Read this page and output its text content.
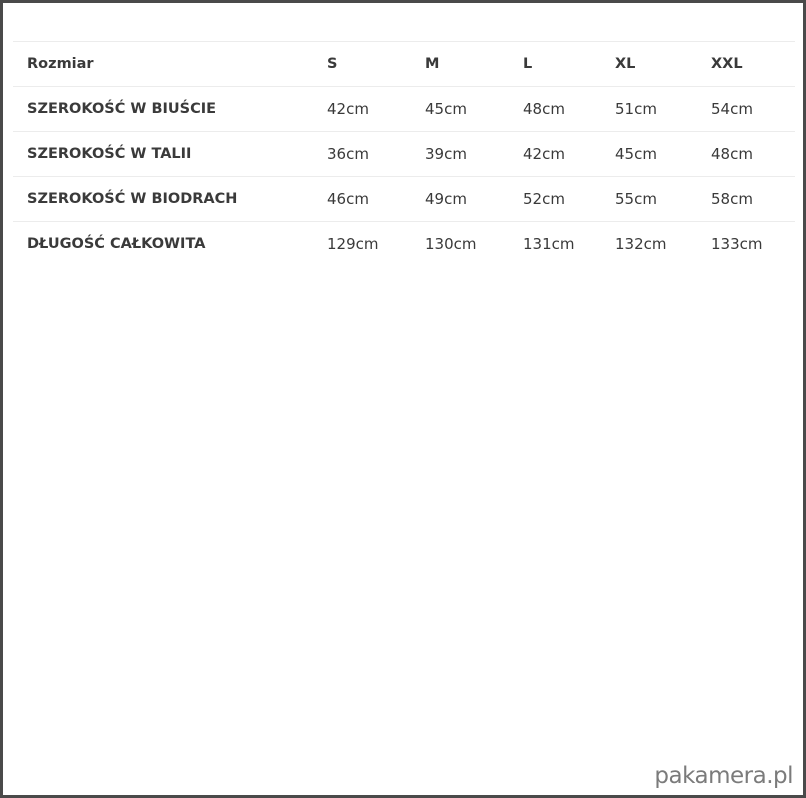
Rozmiar	S	M	L	XL	XXL
SZEROKOŚĆ W BIUŚCIE	42cm	45cm	48cm	51cm	54cm
SZEROKOŚĆ W TALII	36cm	39cm	42cm	45cm	48cm
SZEROKOŚĆ W BIODRACH	46cm	49cm	52cm	55cm	58cm
DŁUGOŚĆ CAŁKOWITA	129cm	130cm	131cm	132cm	133cm
pakamera.pl
